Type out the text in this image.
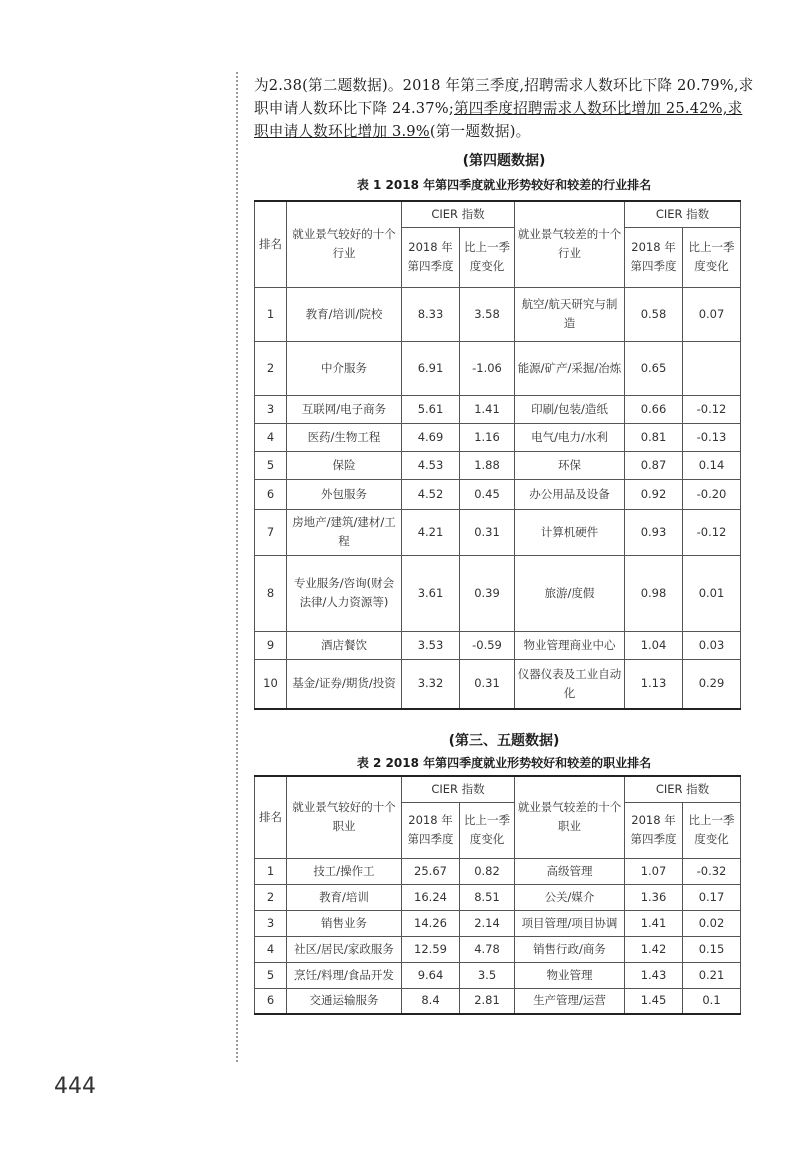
为2.38(第二题数据)。2018 年第三季度,招聘需求人数环比下降 20.79%,求职申请人数环比下降 24.37%;第四季度招聘需求人数环比增加 25.42%,求职申请人数环比增加 3.9%(第一题数据)。
(第四题数据)
表 1 2018 年第四季度就业形势较好和较差的行业排名
排名	就业景气较好的十个行业	CIER 指数		就业景气较差的十个行业	CIER 指数	
		2018 年第四季度	比上一季度变化		2018 年第四季度	比上一季度变化
1	教育/培训/院校	8.33	3.58	航空/航天研究与制造	0.58	0.07
2	中介服务	6.91	-1.06	能源/矿产/采掘/冶炼	0.65	
3	互联网/电子商务	5.61	1.41	印刷/包装/造纸	0.66	-0.12
4	医药/生物工程	4.69	1.16	电气/电力/水利	0.81	-0.13
5	保险	4.53	1.88	环保	0.87	0.14
6	外包服务	4.52	0.45	办公用品及设备	0.92	-0.20
7	房地产/建筑/建材/工程	4.21	0.31	计算机硬件	0.93	-0.12
8	专业服务/咨询(财会法律/人力资源等)	3.61	0.39	旅游/度假	0.98	0.01
9	酒店餐饮	3.53	-0.59	物业管理商业中心	1.04	0.03
10	基金/证券/期货/投资	3.32	0.31	仪器仪表及工业自动化	1.13	0.29
(第三、五题数据)
表 2 2018 年第四季度就业形势较好和较差的职业排名
排名	就业景气较好的十个职业	CIER 指数		就业景气较差的十个职业	CIER 指数	
		2018 年第四季度	比上一季度变化		2018 年第四季度	比上一季度变化
1	技工/操作工	25.67	0.82	高级管理	1.07	-0.32
2	教育/培训	16.24	8.51	公关/媒介	1.36	0.17
3	销售业务	14.26	2.14	项目管理/项目协调	1.41	0.02
4	社区/居民/家政服务	12.59	4.78	销售行政/商务	1.42	0.15
5	烹饪/料理/食品开发	9.64	3.5	物业管理	1.43	0.21
6	交通运输服务	8.4	2.81	生产管理/运营	1.45	0.1
444
